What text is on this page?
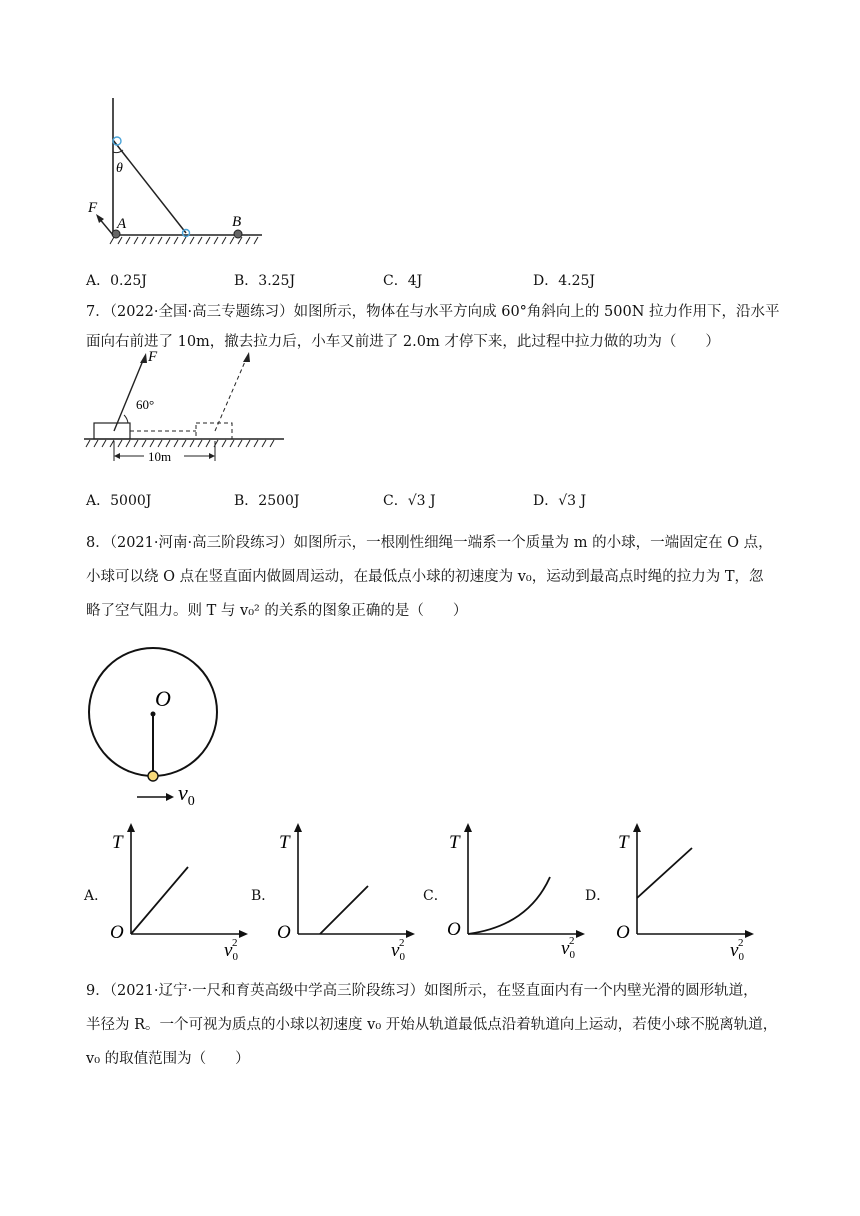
θ
F
A	B
A．0.25J	B．3.25J	C．4J	D．4.25J
7．（2022·全国·高三专题练习）如图所示，物体在与水平方向成 60°角斜向上的 500N 拉力作用下，沿水平
面向右前进了 10m，撤去拉力后，小车又前进了 2.0m 才停下来，此过程中拉力做的功为（　　）
10m
F
60°
A．5000J	B．2500J	C．√3 J	D．√3 J
8．（2021·河南·高三阶段练习）如图所示，一根刚性细绳一端系一个质量为 m 的小球，一端固定在 O 点，
小球可以绕 O 点在竖直面内做圆周运动，在最低点小球的初速度为 v₀，运动到最高点时绳的拉力为 T，忽
略了空气阻力。则 T 与 v₀² 的关系的图象正确的是（　　）
O
$v_0$
A．	B．	C．	D．
T
O
$v_02$
T
O
$v_02$
T
O
$v_02$
T
O
$v_02$
9．（2021·辽宁·一尺和育英高级中学高三阶段练习）如图所示，在竖直面内有一个内壁光滑的圆形轨道，
半径为 R。一个可视为质点的小球以初速度 v₀ 开始从轨道最低点沿着轨道向上运动，若使小球不脱离轨道，
v₀ 的取值范围为（　　）
